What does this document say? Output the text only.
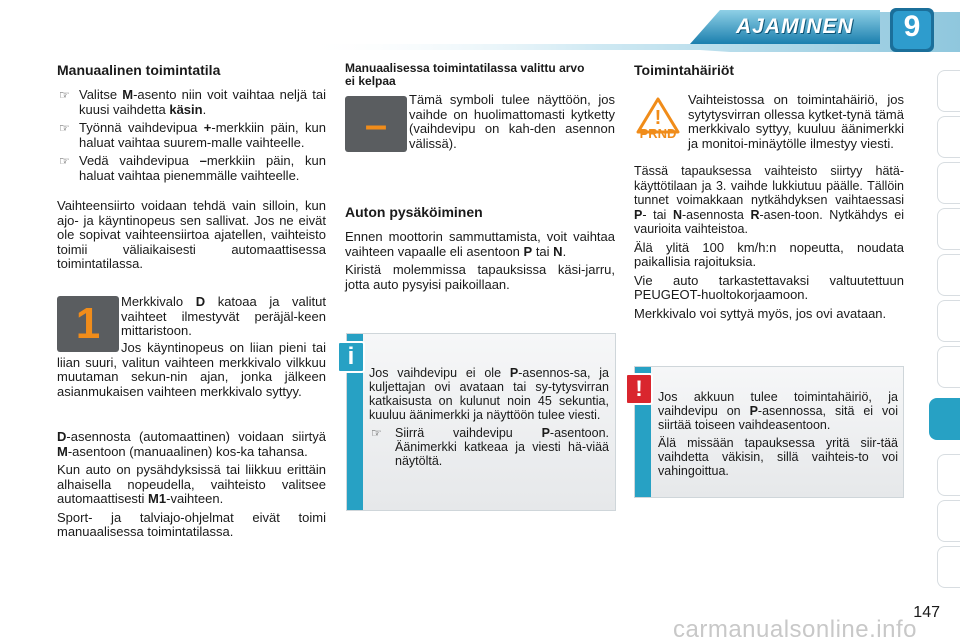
AJAMINEN	9
Manuaalinen toimintatila
☞ Valitse M-asento niin voit vaihtaa neljä tai kuusi vaihdetta käsin.
☞ Työnnä vaihdevipua +-merkkiin päin, kun haluat vaihtaa suurem-malle vaihteelle.
☞ Vedä vaihdevipua –merkkiin päin, kun haluat vaihtaa pienemmälle vaihteelle.

Vaihteensiirto voidaan tehdä vain silloin, kun ajo- ja käyntinopeus sen sallivat. Jos ne eivät ole sopivat vaihteensiirtoa ajatellen, vaihteisto toimii väliaikaisesti automaattisessa toimintatilassa.

1	Merkkivalo D katoaa ja valitut vaihteet ilmestyvät peräjäl-keen mittaristoon.

Jos käyntinopeus on liian pieni tai liian suuri, valitun vaihteen merkkivalo vilkkuu muutaman sekun-nin ajan, jonka jälkeen asianmukaisen vaihteen merkkivalo syttyy.

D-asennosta (automaattinen) voidaan siirtyä M-asentoon (manuaalinen) kos-ka tahansa.

Kun auto on pysähdyksissä tai liikkuu erittäin alhaisella nopeudella, vaihteisto valitsee automaattisesti M1-vaihteen.

Sport- ja talviajo-ohjelmat eivät toimi manuaalisessa toimintatilassa.

Manuaalisessa toimintatilassa valittu arvo ei kelpaa
–

Tämä symboli tulee näyttöön, jos vaihde on huolimattomasti kytketty (vaihdevipu on kah-den asennon välissä).

Auton pysäköiminen

Ennen moottorin sammuttamista, voit vaihtaa vaihteen vapaalle eli asentoon P tai N.

Kiristä molemmissa tapauksissa käsi-jarru, jotta auto pysyisi paikoillaan.

i

Jos vaihdevipu ei ole P-asennos-sa, ja kuljettajan ovi avataan tai sy-tytysvirran katkaisusta on kulunut noin 45 sekuntia, kuuluu äänimerkki ja näyttöön tulee viesti.

☞ Siirrä vaihdevipu P-asentoon. Äänimerkki katkeaa ja viesti hä-viää näytöltä.
Toimintahäiriöt
!
PRND

Vaihteistossa on toimintahäiriö, jos sytytysvirran ollessa kytket-tynä tämä merkkivalo syttyy, kuuluu äänimerkki ja monitoi-minäytölle ilmestyy viesti.

Tässä tapauksessa vaihteisto siirtyy hätä-käyttötilaan ja 3. vaihde lukkiutuu päälle. Tällöin tunnet voimakkaan nytkähdyksen vaihtaessasi P- tai N-asennosta R-asen-toon. Nytkähdys ei vaurioita vaihteistoa.

Älä ylitä 100 km/h:n nopeutta, noudata paikallisia rajoituksia.

Vie auto tarkastettavaksi valtuutettuun PEUGEOT-huoltokorjaamoon.

Merkkivalo voi syttyä myös, jos ovi avataan.

!	Jos akkuun tulee toimintahäiriö, ja vaihdevipu on P-asennossa, sitä ei voi siirtää toiseen vaihdeasentoon.

Älä missään tapauksessa yritä siir-tää vaihdetta väkisin, sillä vaihteis-to voi vahingoittua.

147
carmanualsonline.info
